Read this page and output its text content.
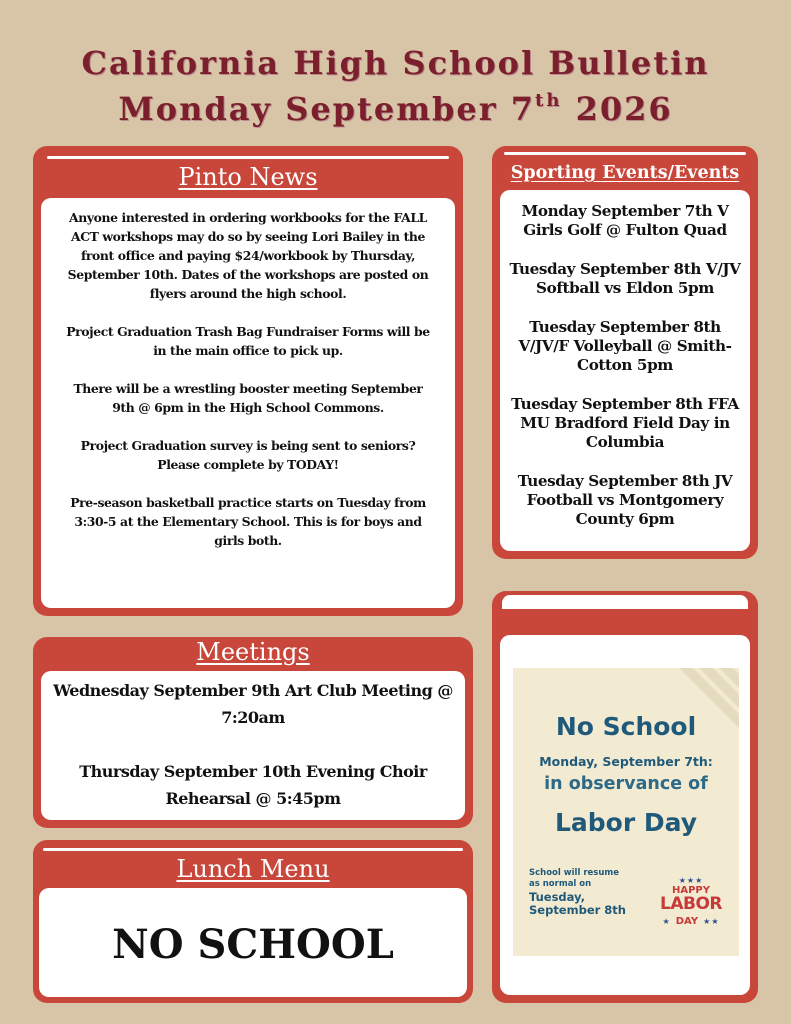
California High School Bulletin
Monday September 7th 2026
Pinto News

Anyone interested in ordering workbooks for the FALL ACT workshops may do so by seeing Lori Bailey in the front office and paying $24/workbook by Thursday, September 10th. Dates of the workshops are posted on flyers around the high school.

Project Graduation Trash Bag Fundraiser Forms will be in the main office to pick up.

There will be a wrestling booster meeting September 9th @ 6pm in the High School Commons.

Project Graduation survey is being sent to seniors? Please complete by TODAY!

Pre-season basketball practice starts on Tuesday from 3:30-5 at the Elementary School. This is for boys and girls both.

Sporting Events/Events

Monday September 7th V Girls Golf @ Fulton Quad

Tuesday September 8th V/JV Softball vs Eldon 5pm

Tuesday September 8th V/JV/F Volleyball @ Smith-Cotton 5pm

Tuesday September 8th FFA MU Bradford Field Day in Columbia

Tuesday September 8th JV Football vs Montgomery County 6pm

Meetings

Wednesday September 9th Art Club Meeting @ 7:20am

Thursday September 10th Evening Choir Rehearsal @ 5:45pm

Lunch Menu
NO SCHOOL
No School
Monday, September 7th:
in observance of
Labor Day
School will resume
as normal on
Tuesday,
September 8th
★★★
HAPPY
LABOR
★ DAY ★★
